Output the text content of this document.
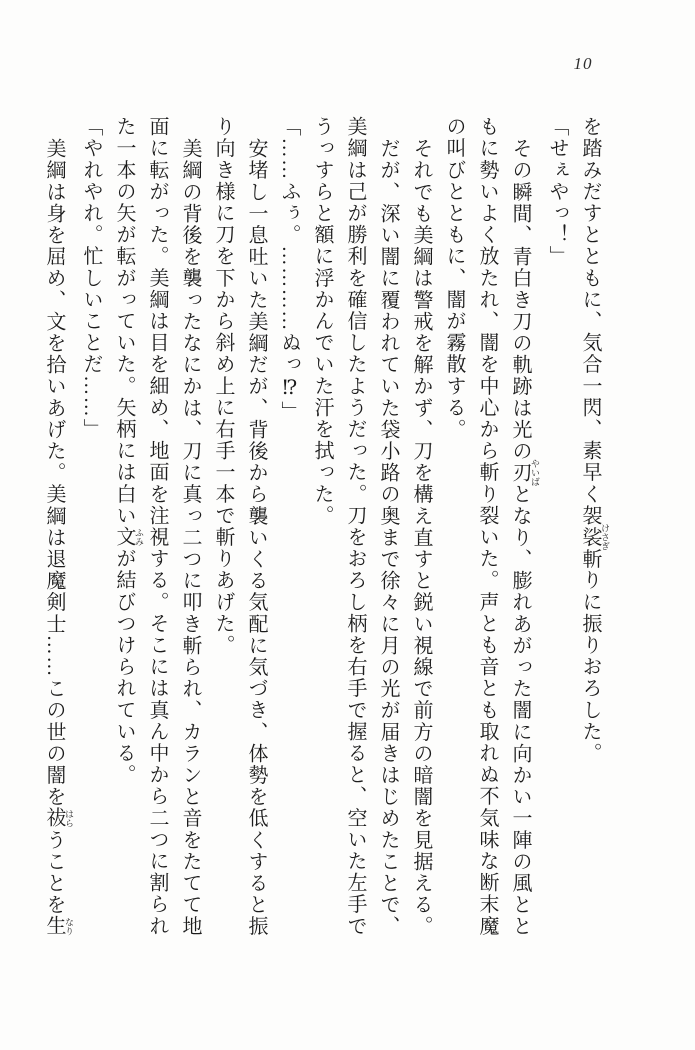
10

を踏みだすとともに、気合一閃、素早く袈裟斬 けさぎりに振りおろした。

「せぇやっ！」

その瞬間、青白き刀の軌跡は光の刃 やいばとなり、膨れあがった闇に向かい一陣の風とともに勢いよく放たれ、闇を中心から斬り裂いた。声とも音とも取れぬ不気味な断末魔の叫びとともに、闇が霧散する。

それでも美綱は警戒を解かず、刀を構え直すと鋭い視線で前方の暗闇を見据える。

だが、深い闇に覆われていた袋小路の奥まで徐々に月の光が届きはじめたことで、美綱は己が勝利を確信したようだった。刀をおろし柄を右手で握ると、空いた左手でうっすらと額に浮かんでいた汗を拭った。

「……ふぅ。…………ぬっ⁉」

安堵し一息吐いた美綱だが、背後から襲いくる気配に気づき、体勢を低くすると振り向き様に刀を下から斜め上に右手一本で斬りあげた。

美綱の背後を襲ったなにかは、刀に真っ二つに叩き斬られ、カランと音をたてて地面に転がった。美綱は目を細め、地面を注視する。そこには真ん中から二つに割られた一本の矢が転がっていた。矢柄には白い文 ふみが結びつけられている。

「やれやれ。忙しいことだ……」

美綱は身を屈め、文を拾いあげた。美綱は退魔剣士……この世の闇を祓 はらうことを生 なり
